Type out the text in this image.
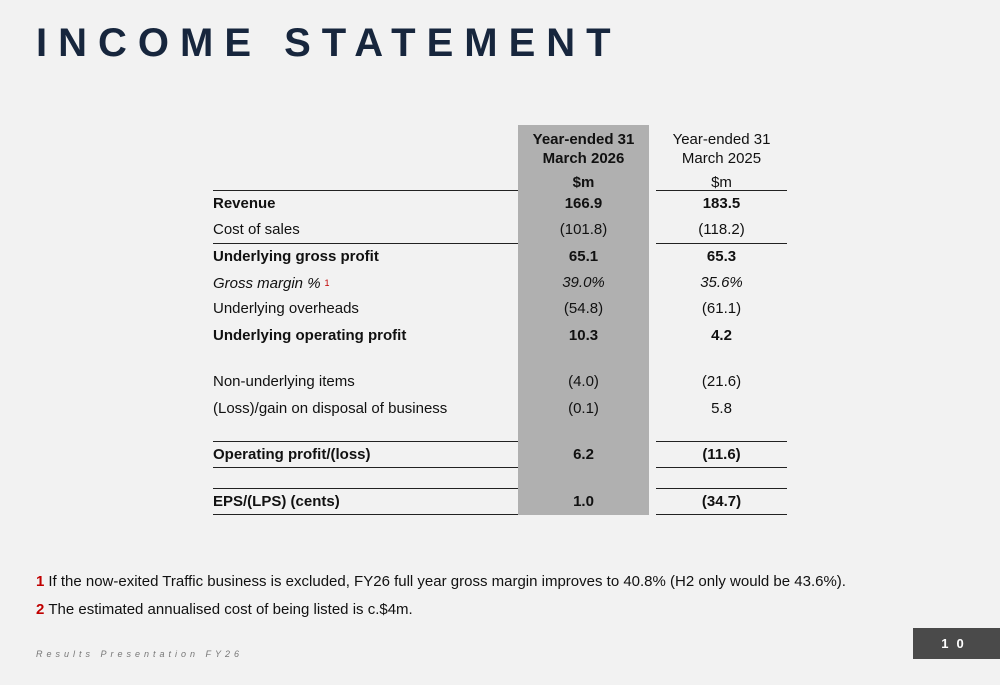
INCOME STATEMENT
Year-ended 31
March 2026
Year-ended 31
March 2025
$m	$m
Revenue	166.9	183.5
Cost of sales	(101.8)	(118.2)
Underlying gross profit	65.1	65.3
Gross margin % $^1$	39.0%	35.6%
Underlying overheads	(54.8)	(61.1)
Underlying operating profit	10.3	4.2
Non-underlying items	(4.0)	(21.6)
(Loss)/gain on disposal of business	(0.1)	5.8
Operating profit/(loss)	6.2	(11.6)
EPS/(LPS) (cents)	1.0	(34.7)
1 If the now-exited Traffic business is excluded, FY26 full year gross margin improves to 40.8% (H2 only would be 43.6%).
2 The estimated annualised cost of being listed is c.$4m.
Results Presentation FY26
10
